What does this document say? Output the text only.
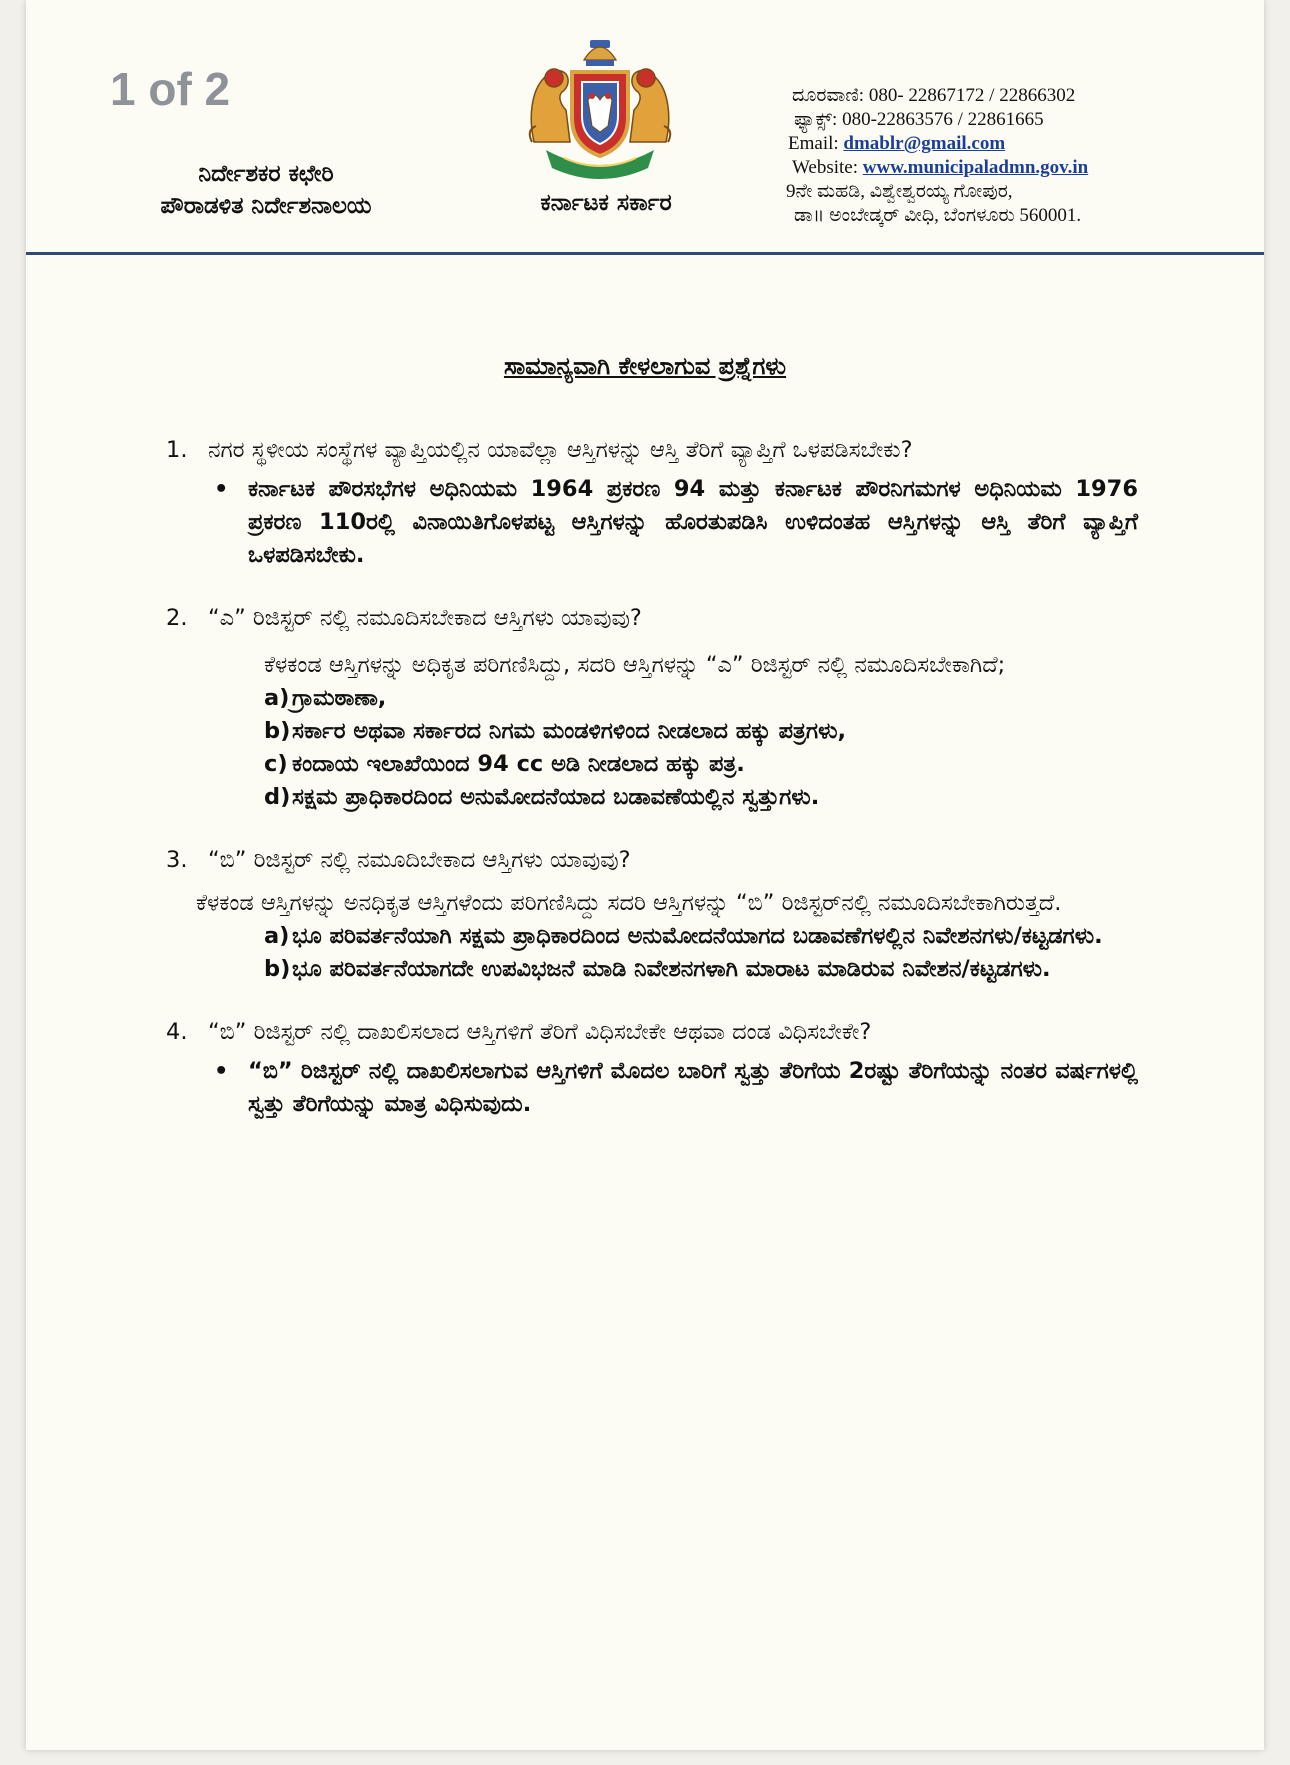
1 of 2
ನಿರ್ದೇಶಕರ ಕಛೇರಿ
ಪೌರಾಡಳಿತ ನಿರ್ದೇಶನಾಲಯ	ಕರ್ನಾಟಕ ಸರ್ಕಾರ
ದೂರವಾಣಿ: 080- 22867172 / 22866302
ಫ್ಯಾಕ್ಸ್: 080-22863576 / 22861665
Email: dmablr@gmail.com
Website: www.municipaladmn.gov.in
9ನೇ ಮಹಡಿ, ವಿಶ್ವೇಶ್ವರಯ್ಯ ಗೋಪುರ,
ಡಾ॥ ಅಂಬೇಡ್ಕರ್ ವೀಧಿ, ಬೆಂಗಳೂರು 560001.
ಸಾಮಾನ್ಯವಾಗಿ ಕೇಳಲಾಗುವ ಪ್ರಶ್ನೆಗಳು
1. ನಗರ ಸ್ಥಳೀಯ ಸಂಸ್ಥೆಗಳ ವ್ಯಾಪ್ತಿಯಲ್ಲಿನ ಯಾವೆಲ್ಲಾ ಆಸ್ತಿಗಳನ್ನು ಆಸ್ತಿ ತೆರಿಗೆ ವ್ಯಾಪ್ತಿಗೆ ಒಳಪಡಿಸಬೇಕು?
• ಕರ್ನಾಟಕ ಪೌರಸಭೆಗಳ ಅಧಿನಿಯಮ 1964 ಪ್ರಕರಣ 94 ಮತ್ತು ಕರ್ನಾಟಕ ಪೌರನಿಗಮಗಳ ಅಧಿನಿಯಮ 1976 ಪ್ರಕರಣ 110ರಲ್ಲಿ ವಿನಾಯಿತಿಗೊಳಪಟ್ಟ ಆಸ್ತಿಗಳನ್ನು ಹೊರತುಪಡಿಸಿ ಉಳಿದಂತಹ ಆಸ್ತಿಗಳನ್ನು ಆಸ್ತಿ ತೆರಿಗೆ ವ್ಯಾಪ್ತಿಗೆ ಒಳಪಡಿಸಬೇಕು.
2. “ಎ” ರಿಜಿಸ್ಟರ್ ನಲ್ಲಿ ನಮೂದಿಸಬೇಕಾದ ಆಸ್ತಿಗಳು ಯಾವುವು?
ಕೆಳಕಂಡ ಆಸ್ತಿಗಳನ್ನು ಅಧಿಕೃತ ಪರಿಗಣಿಸಿದ್ದು, ಸದರಿ ಆಸ್ತಿಗಳನ್ನು “ಎ” ರಿಜಿಸ್ಟರ್ ನಲ್ಲಿ ನಮೂದಿಸಬೇಕಾಗಿದೆ;
a) ಗ್ರಾಮಠಾಣಾ,
b) ಸರ್ಕಾರ ಅಥವಾ ಸರ್ಕಾರದ ನಿಗಮ ಮಂಡಳಿಗಳಿಂದ ನೀಡಲಾದ ಹಕ್ಕು ಪತ್ರಗಳು,
c) ಕಂದಾಯ ಇಲಾಖೆಯಿಂದ 94 cc ಅಡಿ ನೀಡಲಾದ ಹಕ್ಕು ಪತ್ರ.
d) ಸಕ್ಷಮ ಪ್ರಾಧಿಕಾರದಿಂದ ಅನುಮೋದನೆಯಾದ ಬಡಾವಣೆಯಲ್ಲಿನ ಸ್ವತ್ತುಗಳು.
3. “ಬಿ” ರಿಜಿಸ್ಟರ್ ನಲ್ಲಿ ನಮೂದಿಬೇಕಾದ ಆಸ್ತಿಗಳು ಯಾವುವು?
ಕೆಳಕಂಡ ಆಸ್ತಿಗಳನ್ನು ಅನಧಿಕೃತ ಆಸ್ತಿಗಳೆಂದು ಪರಿಗಣಿಸಿದ್ದು ಸದರಿ ಆಸ್ತಿಗಳನ್ನು “ಬಿ” ರಿಜಿಸ್ಟರ್‌ನಲ್ಲಿ ನಮೂದಿಸಬೇಕಾಗಿರುತ್ತದೆ.
a) ಭೂ ಪರಿವರ್ತನೆಯಾಗಿ ಸಕ್ಷಮ ಪ್ರಾಧಿಕಾರದಿಂದ ಅನುಮೋದನೆಯಾಗದ ಬಡಾವಣೆಗಳಲ್ಲಿನ ನಿವೇಶನಗಳು/ಕಟ್ಟಡಗಳು.
b) ಭೂ ಪರಿವರ್ತನೆಯಾಗದೇ ಉಪವಿಭಜನೆ ಮಾಡಿ ನಿವೇಶನಗಳಾಗಿ ಮಾರಾಟ ಮಾಡಿರುವ ನಿವೇಶನ/ಕಟ್ಟಡಗಳು.
4. “ಬಿ” ರಿಜಿಸ್ಟರ್ ನಲ್ಲಿ ದಾಖಲಿಸಲಾದ ಆಸ್ತಿಗಳಿಗೆ ತೆರಿಗೆ ವಿಧಿಸಬೇಕೇ ಆಥವಾ ದಂಡ ವಿಧಿಸಬೇಕೇ?
• “ಬಿ” ರಿಜಿಸ್ಟರ್ ನಲ್ಲಿ ದಾಖಲಿಸಲಾಗುವ ಆಸ್ತಿಗಳಿಗೆ ಮೊದಲ ಬಾರಿಗೆ ಸ್ವತ್ತು ತೆರಿಗೆಯ 2ರಷ್ಟು ತೆರಿಗೆಯನ್ನು ನಂತರ ವರ್ಷಗಳಲ್ಲಿ ಸ್ವತ್ತು ತೆರಿಗೆಯನ್ನು ಮಾತ್ರ ವಿಧಿಸುವುದು.
